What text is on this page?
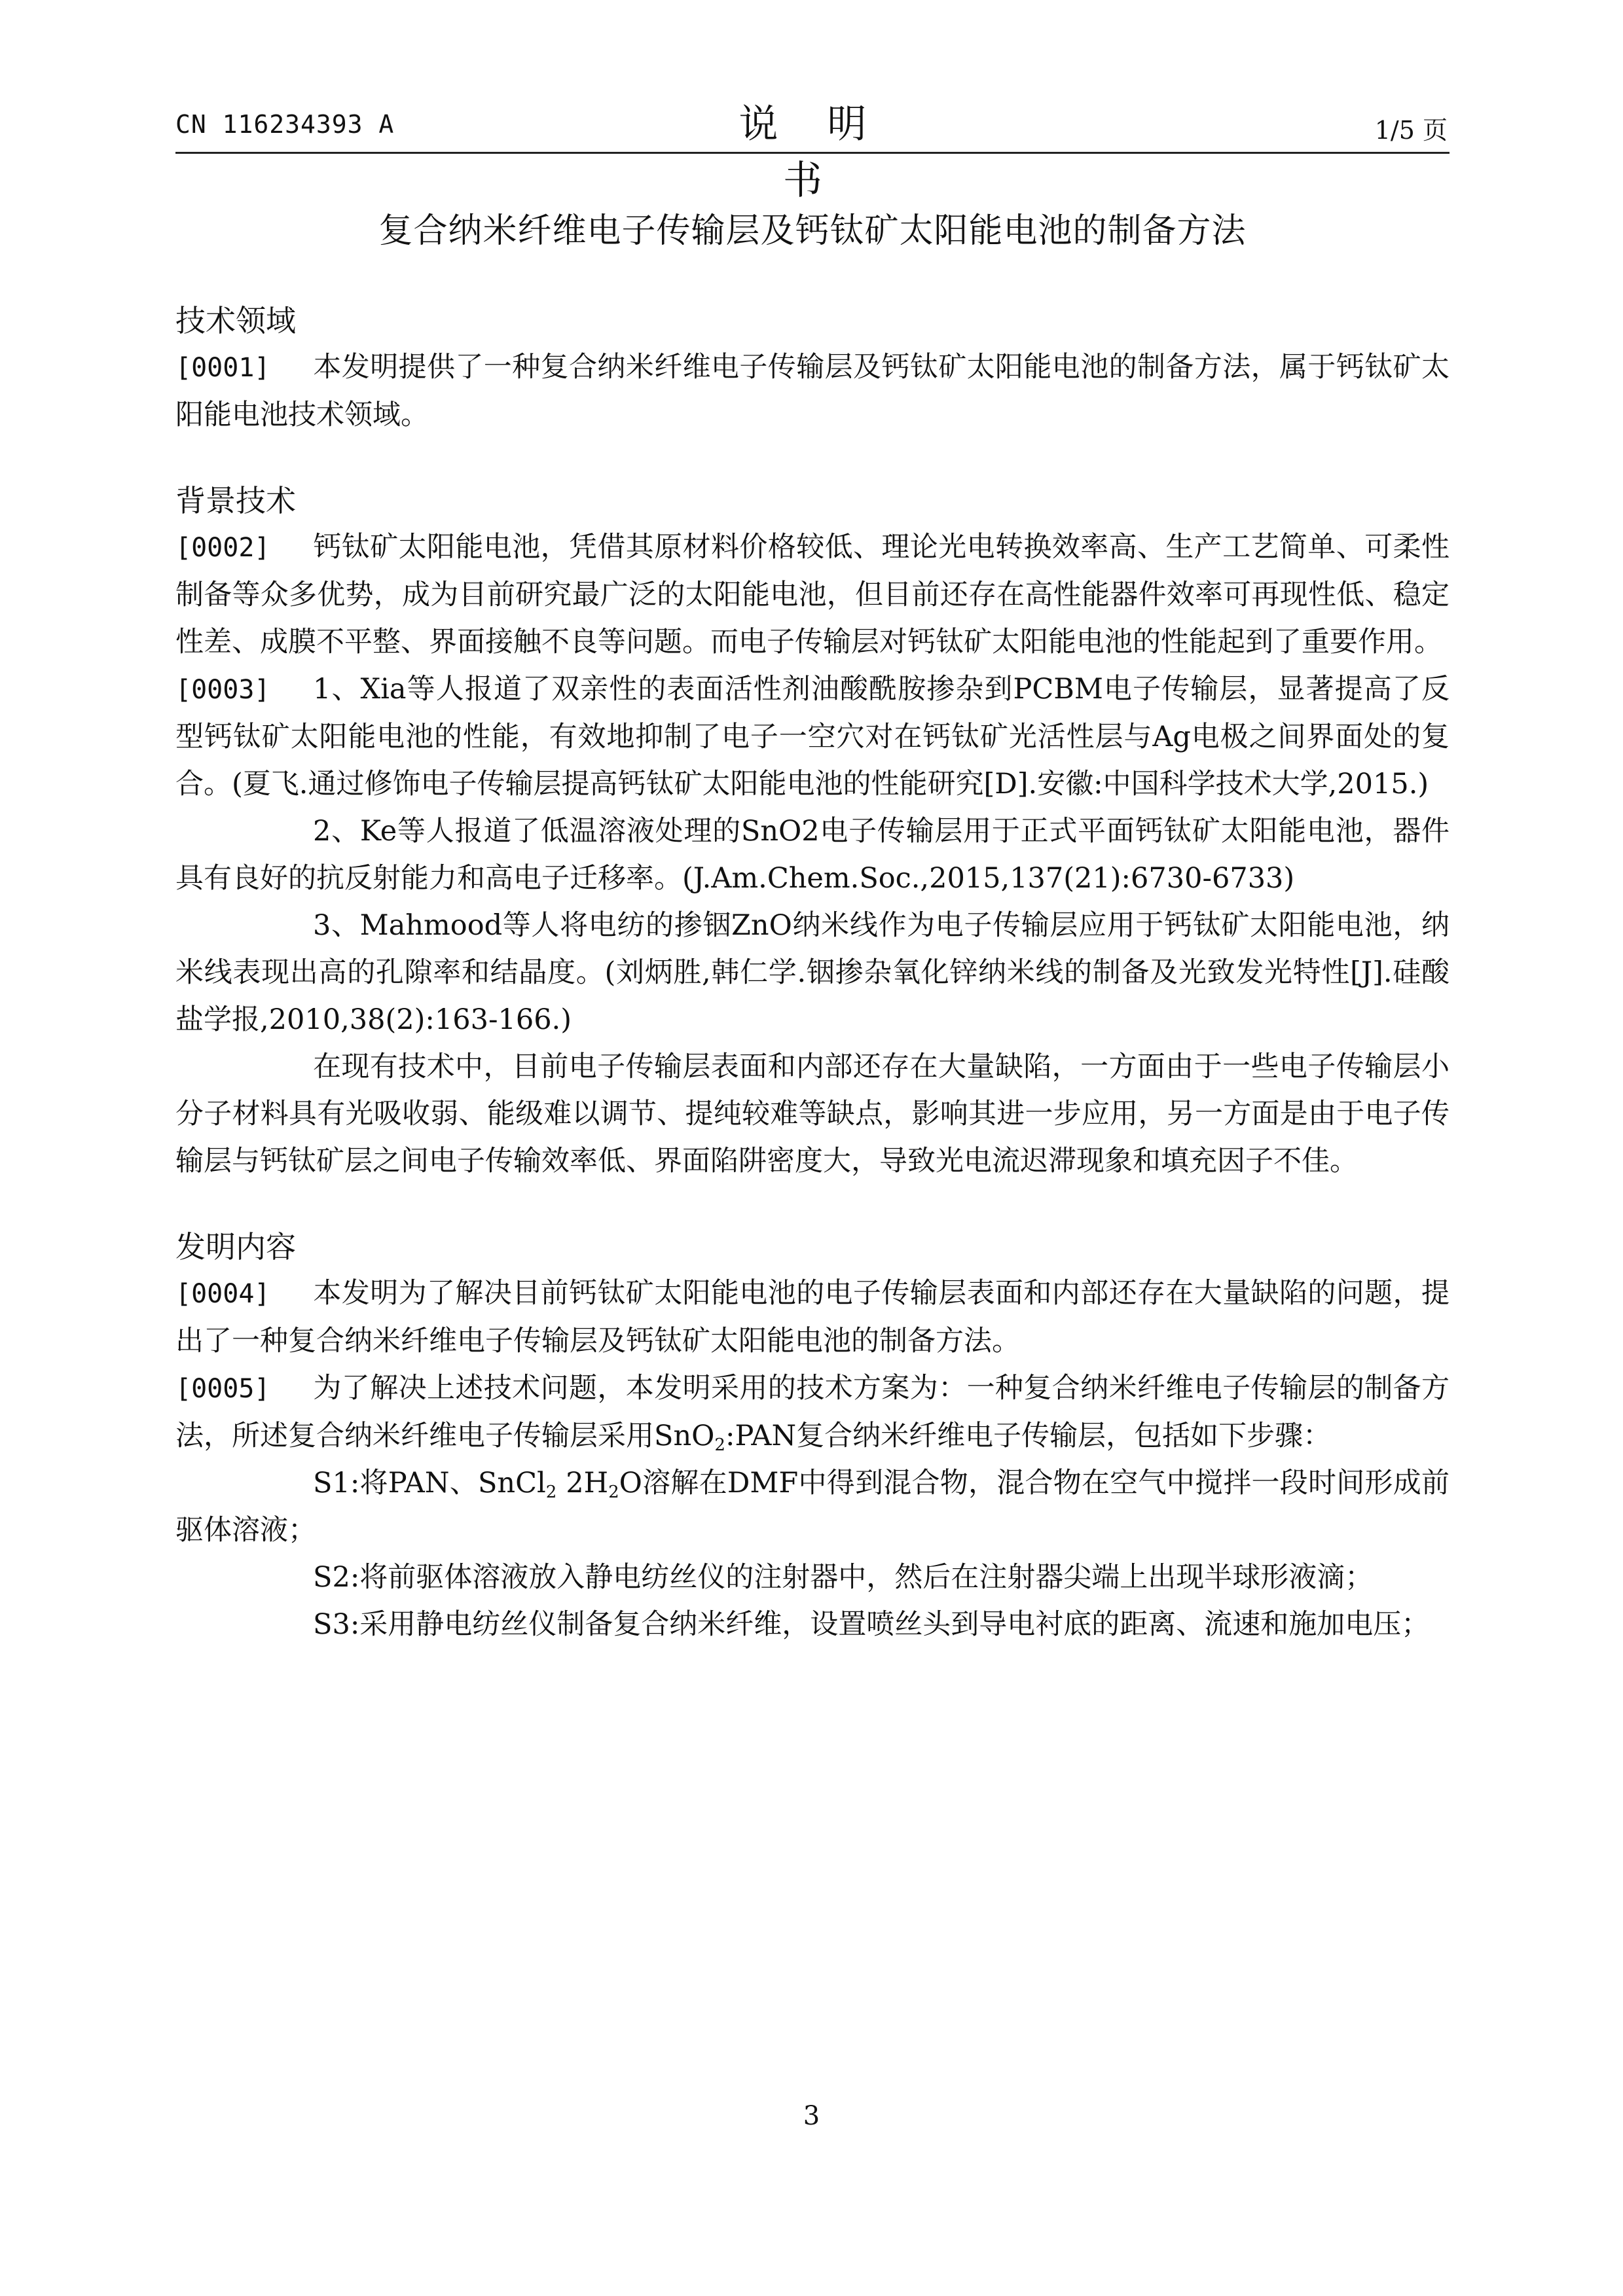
CN 116234393 A	说 明 书
1/5 页
复合纳米纤维电子传输层及钙钛矿太阳能电池的制备方法

技术领域

[0001] 本发明提供了一种复合纳米纤维电子传输层及钙钛矿太阳能电池的制备方法，属于钙钛矿太阳能电池技术领域。

背景技术

[0002] 钙钛矿太阳能电池，凭借其原材料价格较低、理论光电转换效率高、生产工艺简单、可柔性制备等众多优势，成为目前研究最广泛的太阳能电池，但目前还存在高性能器件效率可再现性低、稳定性差、成膜不平整、界面接触不良等问题。而电子传输层对钙钛矿太阳能电池的性能起到了重要作用。

[0003] 1、Xia等人报道了双亲性的表面活性剂油酸酰胺掺杂到PCBM电子传输层，显著提高了反型钙钛矿太阳能电池的性能，有效地抑制了电子一空穴对在钙钛矿光活性层与Ag电极之间界面处的复合。(夏飞.通过修饰电子传输层提高钙钛矿太阳能电池的性能研究[D].安徽:中国科学技术大学,2015.)

2、Ke等人报道了低温溶液处理的SnO2电子传输层用于正式平面钙钛矿太阳能电池，器件具有良好的抗反射能力和高电子迁移率。(J.Am.Chem.Soc.,2015,137(21):6730-6733)

3、Mahmood等人将电纺的掺铟ZnO纳米线作为电子传输层应用于钙钛矿太阳能电池，纳米线表现出高的孔隙率和结晶度。(刘炳胜,韩仁学.铟掺杂氧化锌纳米线的制备及光致发光特性[J].硅酸盐学报,2010,38(2):163-166.)

在现有技术中，目前电子传输层表面和内部还存在大量缺陷，一方面由于一些电子传输层小分子材料具有光吸收弱、能级难以调节、提纯较难等缺点，影响其进一步应用，另一方面是由于电子传输层与钙钛矿层之间电子传输效率低、界面陷阱密度大，导致光电流迟滞现象和填充因子不佳。

发明内容

[0004] 本发明为了解决目前钙钛矿太阳能电池的电子传输层表面和内部还存在大量缺陷的问题，提出了一种复合纳米纤维电子传输层及钙钛矿太阳能电池的制备方法。

[0005] 为了解决上述技术问题，本发明采用的技术方案为：一种复合纳米纤维电子传输层的制备方法，所述复合纳米纤维电子传输层采用SnO$_2$:PAN复合纳米纤维电子传输层，包括如下步骤：

S1:将PAN、SnCl$_2$ $2H_2O$溶解在DMF中得到混合物，混合物在空气中搅拌一段时间形成前驱体溶液；

S2:将前驱体溶液放入静电纺丝仪的注射器中，然后在注射器尖端上出现半球形液滴；

S3:采用静电纺丝仪制备复合纳米纤维，设置喷丝头到导电衬底的距离、流速和施加电压；

3
